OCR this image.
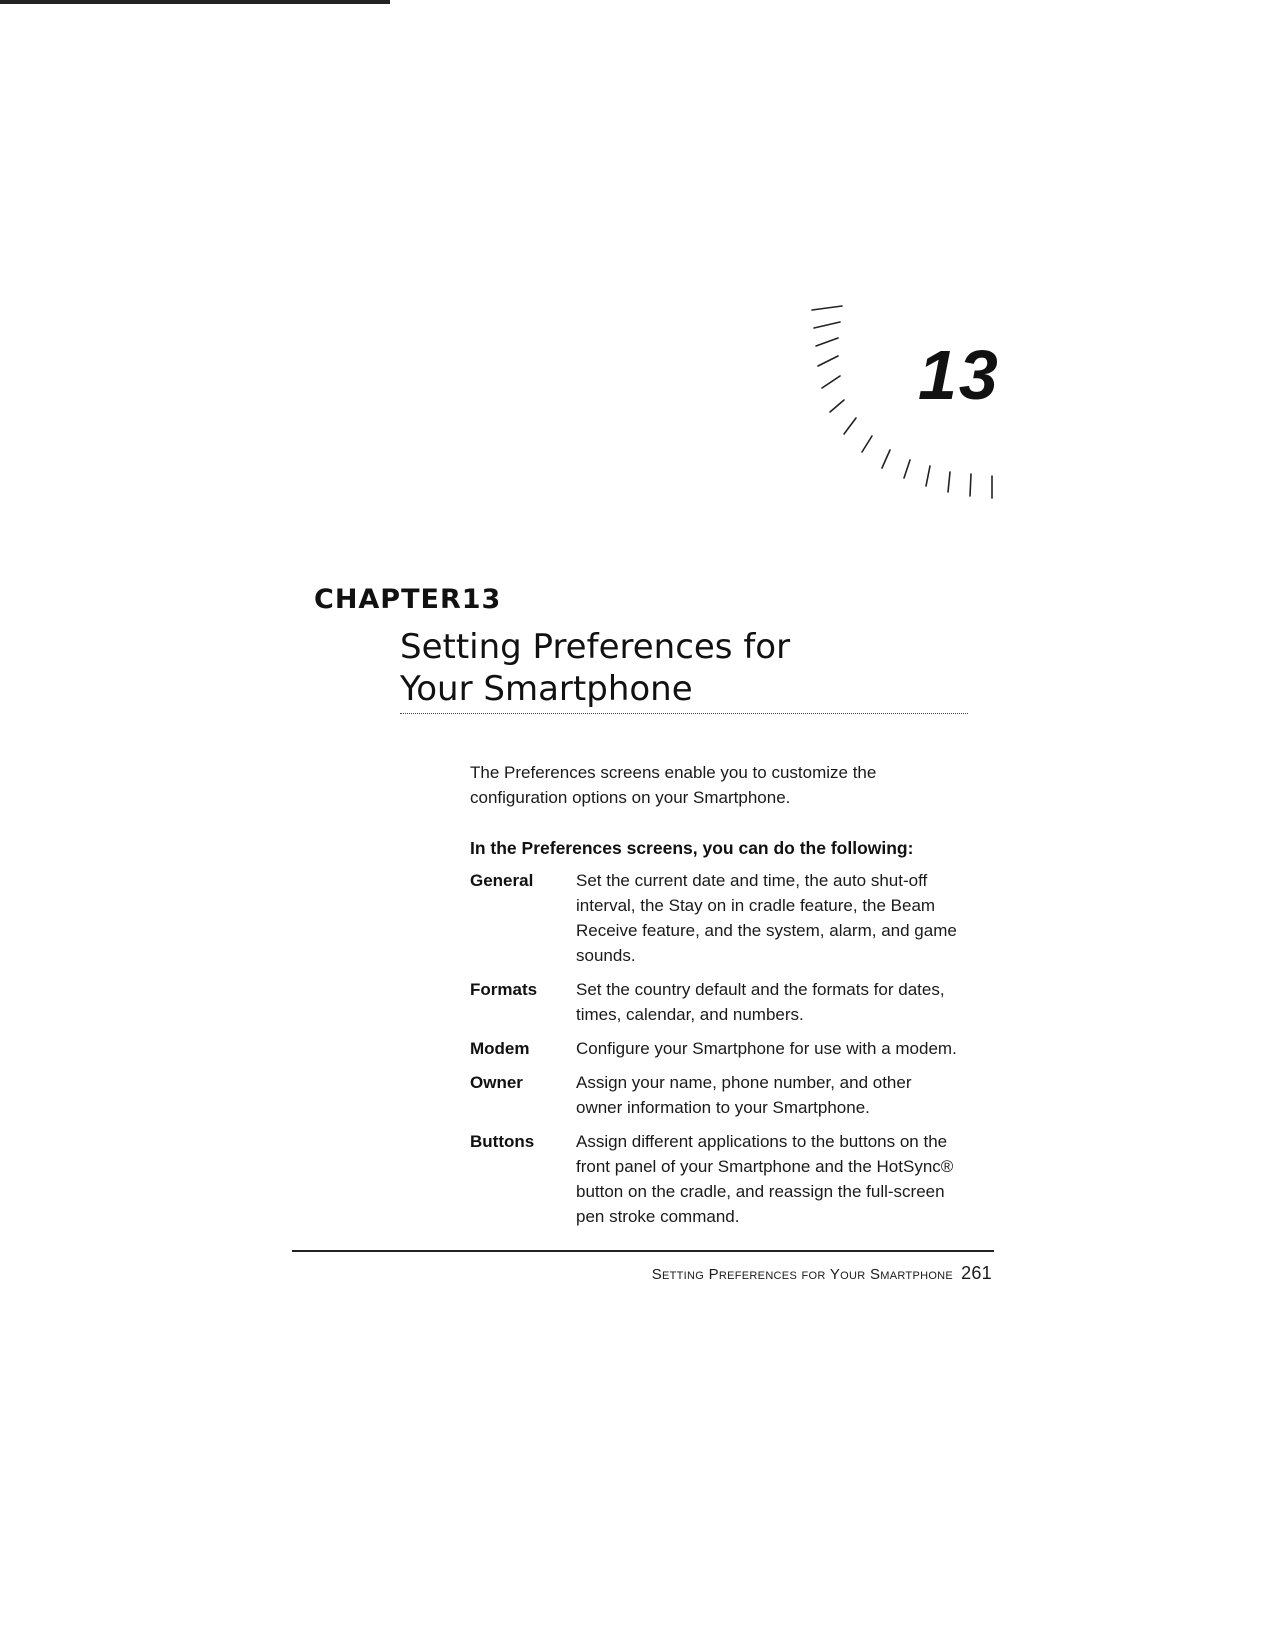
13
CHAPTER13
Setting Preferences for
Your Smartphone
The Preferences screens enable you to customize the
configuration options on your Smartphone.
In the Preferences screens, you can do the following:
General	Set the current date and time, the auto shut-off interval, the Stay on in cradle feature, the Beam Receive feature, and the system, alarm, and game sounds.
Formats	Set the country default and the formats for dates, times, calendar, and numbers.
Modem	Configure your Smartphone for use with a modem.
Owner	Assign your name, phone number, and other owner information to your Smartphone.
Buttons	Assign different applications to the buttons on the front panel of your Smartphone and the HotSync® button on the cradle, and reassign the full-screen pen stroke command.
Setting Preferences for Your Smartphone 261
